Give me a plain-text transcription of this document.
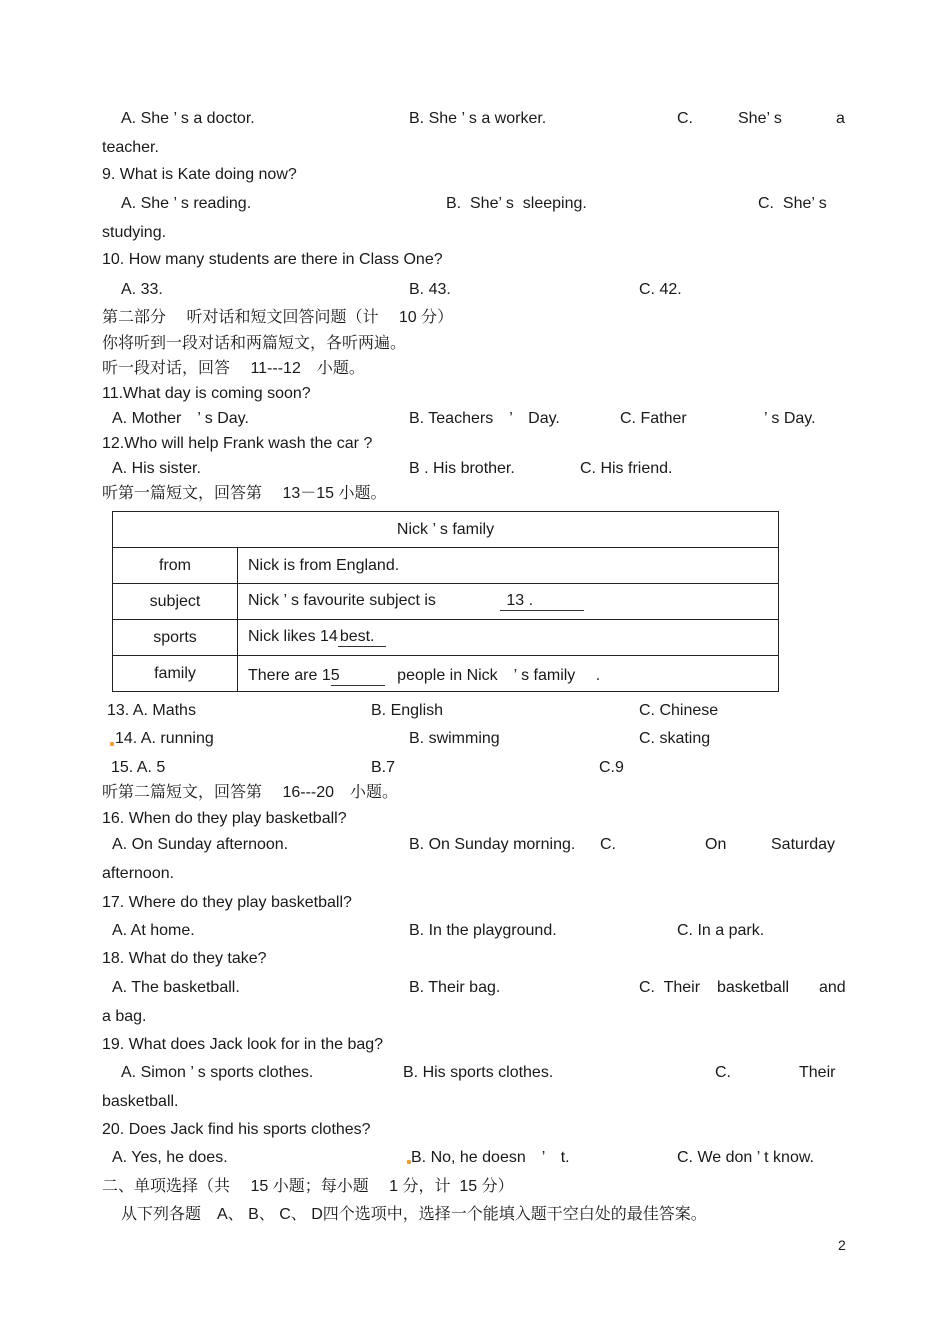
A. She ’ s a doctor.	B. She ’ s a worker.	C.	She’ s	a
teacher.
9. What is Kate doing now?
A. She ’ s reading.	B.  She’ s  sleeping.	C.  She’ s
studying.
10. How many students are there in Class One?
A. 33.	B. 43.	C. 42.
第二部分　 听对话和短文回答问题（计　 10 分）
你将听到一段对话和两篇短文，各听两遍。
听一段对话，回答　 11---12　小题。
11.What day is coming soon?
A. Mother　’ s Day.	B. Teachers　’　Day.	C. Father	’ s Day.
12.Who will help Frank wash the car ?
A. His sister.	B . His brother.	C. His friend.
听第一篇短文，回答第　 13－15 小题。
Nick ’ s family	
from	Nick is from England.
subject	Nick ’ s favourite subject is 13 .
sports	Nick likes 14 best.
family	There are 15 people in Nick　’ s family　 .
13. A. Maths	B. English	C. Chinese
14. A. running	B. swimming	C. skating
15. A. 5	B.7	C.9
听第二篇短文，回答第　 16---20　小题。
16. When do they play basketball?
A. On Sunday afternoon.	B. On Sunday morning. C.	On	Saturday
afternoon.
17. Where do they play basketball?
A. At home.	B. In the playground.	C. In a park.
18. What do they take?
A. The basketball.	B. Their bag.	C.  Their basketball and
a bag.
19. What does Jack look for in the bag?
A. Simon ’ s sports clothes.	B. His sports clothes.	C.	Their
basketball.
20. Does Jack find his sports clothes?
A. Yes, he does.	B. No, he doesn　’　t.	C. We don ’ t know.
二、单项选择（共　 15 小题；每小题　 1 分，计  15 分）
从下列各题　A、 B、 C、 D四个选项中，选择一个能填入题干空白处的最佳答案。
2
